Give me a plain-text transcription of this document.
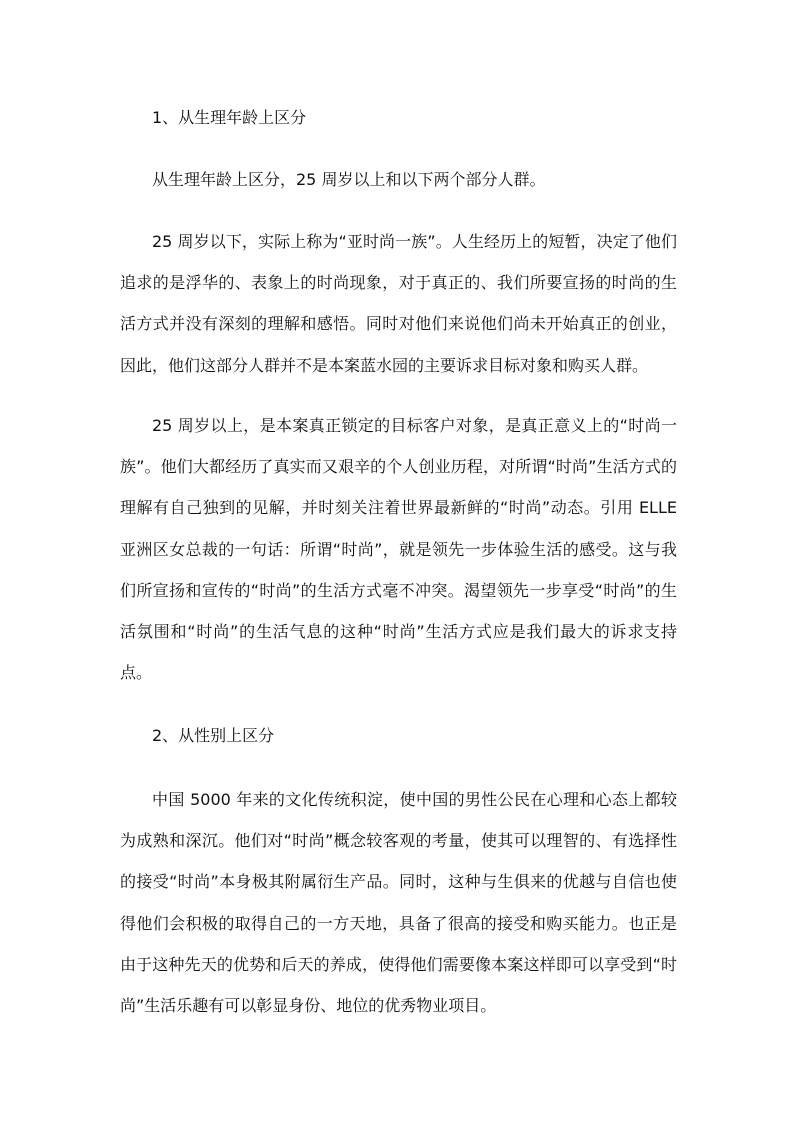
1、从生理年龄上区分
从生理年龄上区分，25 周岁以上和以下两个部分人群。

25 周岁以下，实际上称为“亚时尚一族”。人生经历上的短暂，决定了他们追求的是浮华的、表象上的时尚现象，对于真正的、我们所要宣扬的时尚的生活方式并没有深刻的理解和感悟。同时对他们来说他们尚未开始真正的创业，因此，他们这部分人群并不是本案蓝水园的主要诉求目标对象和购买人群。

25 周岁以上，是本案真正锁定的目标客户对象，是真正意义上的“时尚一族”。他们大都经历了真实而又艰辛的个人创业历程，对所谓“时尚”生活方式的理解有自己独到的见解，并时刻关注着世界最新鲜的“时尚”动态。引用 ELLE 亚洲区女总裁的一句话：所谓“时尚”，就是领先一步体验生活的感受。这与我们所宣扬和宣传的“时尚”的生活方式毫不冲突。渴望领先一步享受“时尚”的生活氛围和“时尚”的生活气息的这种“时尚”生活方式应是我们最大的诉求支持点。

2、从性别上区分

中国 5000 年来的文化传统积淀，使中国的男性公民在心理和心态上都较为成熟和深沉。他们对“时尚”概念较客观的考量，使其可以理智的、有选择性的接受“时尚”本身极其附属衍生产品。同时，这种与生俱来的优越与自信也使得他们会积极的取得自己的一方天地，具备了很高的接受和购买能力。也正是由于这种先天的优势和后天的养成，使得他们需要像本案这样即可以享受到“时尚”生活乐趣有可以彰显身份、地位的优秀物业项目。
